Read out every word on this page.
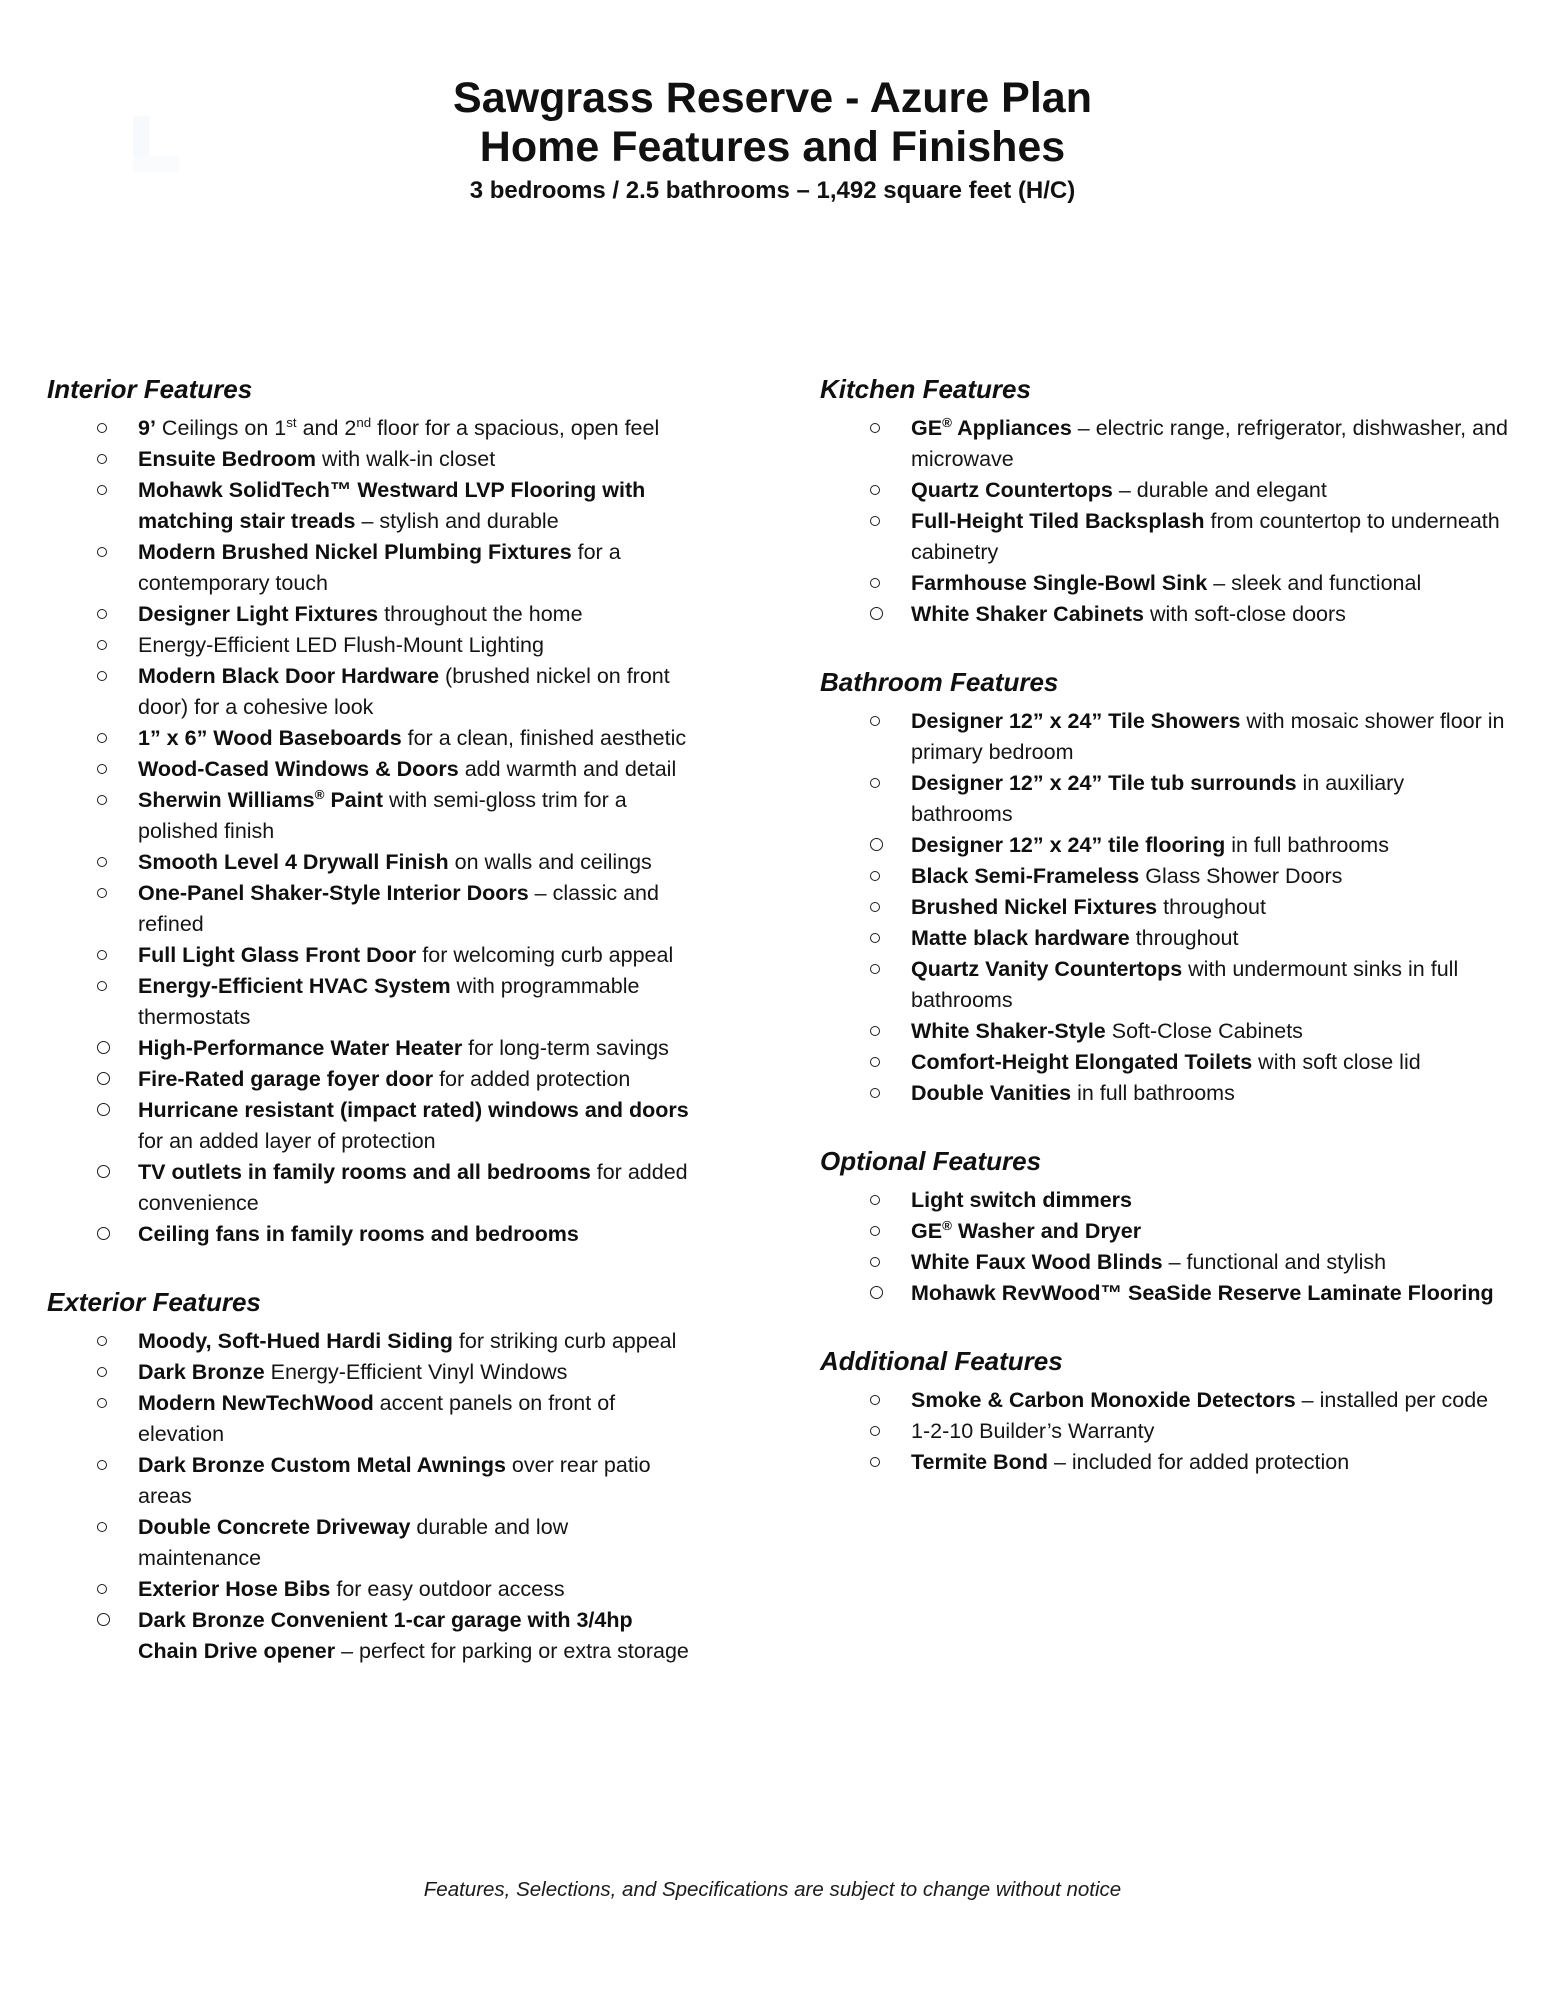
Sawgrass Reserve - Azure Plan
Home Features and Finishes
3 bedrooms / 2.5 bathrooms – 1,492 square feet (H/C)
Interior Features
9’ Ceilings on 1st and 2nd floor for a spacious, open feel
Ensuite Bedroom with walk-in closet
Mohawk SolidTech™ Westward LVP Flooring with matching stair treads – stylish and durable
Modern Brushed Nickel Plumbing Fixtures for a contemporary touch
Designer Light Fixtures throughout the home
Energy-Efficient LED Flush-Mount Lighting
Modern Black Door Hardware (brushed nickel on front door) for a cohesive look
1” x 6” Wood Baseboards for a clean, finished aesthetic
Wood-Cased Windows & Doors add warmth and detail
Sherwin Williams® Paint with semi-gloss trim for a polished finish
Smooth Level 4 Drywall Finish on walls and ceilings
One-Panel Shaker-Style Interior Doors – classic and refined
Full Light Glass Front Door for welcoming curb appeal
Energy-Efficient HVAC System with programmable thermostats
High-Performance Water Heater for long-term savings
Fire-Rated garage foyer door for added protection
Hurricane resistant (impact rated) windows and doors for an added layer of protection
TV outlets in family rooms and all bedrooms for added convenience
Ceiling fans in family rooms and bedrooms
Exterior Features
Moody, Soft-Hued Hardi Siding for striking curb appeal
Dark Bronze Energy-Efficient Vinyl Windows
Modern NewTechWood accent panels on front of elevation
Dark Bronze Custom Metal Awnings over rear patio areas
Double Concrete Driveway durable and low maintenance
Exterior Hose Bibs for easy outdoor access
Dark Bronze Convenient 1-car garage with 3/4hp Chain Drive opener – perfect for parking or extra storage
Kitchen Features
GE® Appliances – electric range, refrigerator, dishwasher, and microwave
Quartz Countertops – durable and elegant
Full-Height Tiled Backsplash from countertop to underneath cabinetry
Farmhouse Single-Bowl Sink – sleek and functional
White Shaker Cabinets with soft-close doors
Bathroom Features
Designer 12” x 24” Tile Showers with mosaic shower floor in primary bedroom
Designer 12” x 24” Tile tub surrounds in auxiliary bathrooms
Designer 12” x 24” tile flooring in full bathrooms
Black Semi-Frameless Glass Shower Doors
Brushed Nickel Fixtures throughout
Matte black hardware throughout
Quartz Vanity Countertops with undermount sinks in full bathrooms
White Shaker-Style Soft-Close Cabinets
Comfort-Height Elongated Toilets with soft close lid
Double Vanities in full bathrooms
Optional Features
Light switch dimmers
GE® Washer and Dryer
White Faux Wood Blinds – functional and stylish
Mohawk RevWood™ SeaSide Reserve Laminate Flooring
Additional Features
Smoke & Carbon Monoxide Detectors – installed per code
1-2-10 Builder’s Warranty
Termite Bond – included for added protection
Features, Selections, and Specifications are subject to change without notice
